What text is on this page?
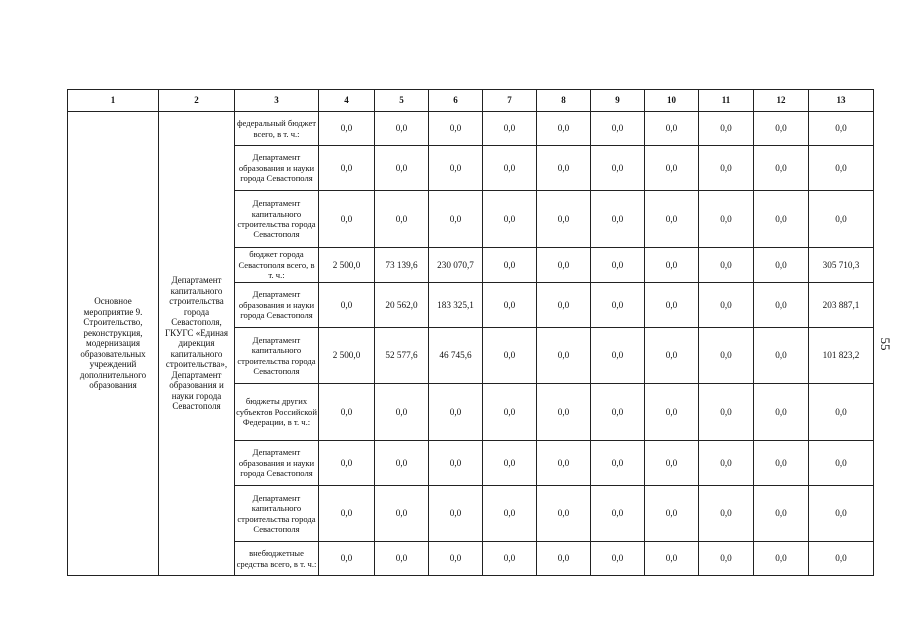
1	2	3	4	5	6	7	8	9	10	11	12	13
Основное мероприятие 9. Строительство, реконструкция, модернизация образовательных учреждений дополнительного образования	Департамент капитального строительства города Севастополя, ГКУГС «Единая дирекция капитального строительства», Департамент образования и науки города Севастополя	федеральный бюджет всего, в т. ч.:	0,0	0,0	0,0	0,0	0,0	0,0	0,0	0,0	0,0	0,0
		Департамент образования и науки города Севастополя	0,0	0,0	0,0	0,0	0,0	0,0	0,0	0,0	0,0	0,0
		Департамент капитального строительства города Севастополя	0,0	0,0	0,0	0,0	0,0	0,0	0,0	0,0	0,0	0,0
		бюджет города Севастополя всего, в т. ч.:	2 500,0	73 139,6	230 070,7	0,0	0,0	0,0	0,0	0,0	0,0	305 710,3
		Департамент образования и науки города Севастополя	0,0	20 562,0	183 325,1	0,0	0,0	0,0	0,0	0,0	0,0	203 887,1
		Департамент капитального строительства города Севастополя	2 500,0	52 577,6	46 745,6	0,0	0,0	0,0	0,0	0,0	0,0	101 823,2
		бюджеты других субъектов Российской Федерации, в т. ч.:	0,0	0,0	0,0	0,0	0,0	0,0	0,0	0,0	0,0	0,0
		Департамент образования и науки города Севастополя	0,0	0,0	0,0	0,0	0,0	0,0	0,0	0,0	0,0	0,0
		Департамент капитального строительства города Севастополя	0,0	0,0	0,0	0,0	0,0	0,0	0,0	0,0	0,0	0,0
		внебюджетные средства всего, в т. ч.:	0,0	0,0	0,0	0,0	0,0	0,0	0,0	0,0	0,0	0,0
55
